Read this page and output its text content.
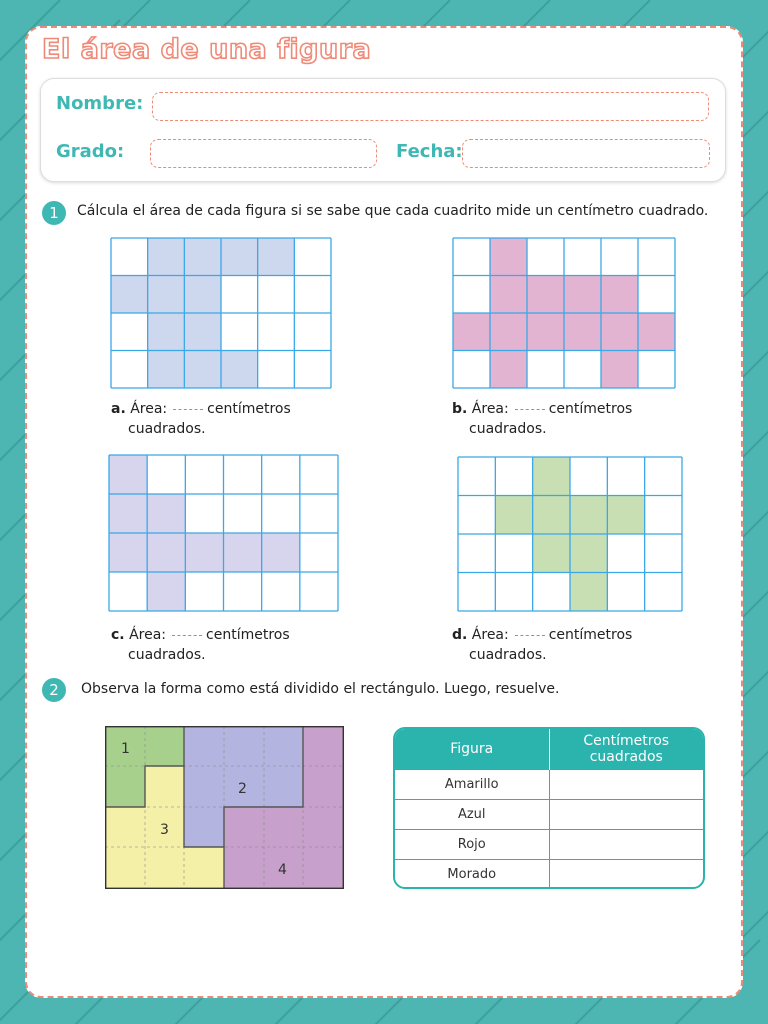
El área de una figura
Nombre:
Grado:	Fecha:
1	Cálcula el área de cada figura si se sabe que cada cuadrito mide un centímetro cuadrado.
a. Área:	centímetros
cuadrados.
b. Área:	centímetros
cuadrados.
c. Área:	centímetros
cuadrados.
d. Área:	centímetros
cuadrados.
2	Observa la forma como está dividido el rectángulo. Luego, resuelve.
1
2
3
4
Figura	Centímetros cuadrados
Amarillo	
Azul	
Rojo	
Morado	
